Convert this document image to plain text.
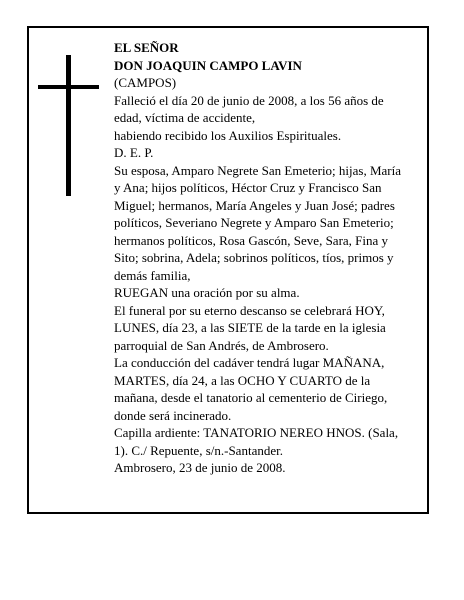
EL SEÑOR

DON JOAQUIN CAMPO LAVIN

(CAMPOS)

Falleció el día 20 de junio de 2008, a los 56 años de edad, víctima de accidente,

habiendo recibido los Auxilios Espirituales.

D. E. P.

Su esposa, Amparo Negrete San Emeterio; hijas, María y Ana; hijos políticos, Héctor Cruz y Francisco San Miguel; hermanos, María Angeles y Juan José; padres políticos, Severiano Negrete y Amparo San Emeterio; hermanos políticos, Rosa Gascón, Seve, Sara, Fina y Sito; sobrina, Adela; sobrinos políticos, tíos, primos y demás familia,

RUEGAN una oración por su alma.

El funeral por su eterno descanso se celebrará HOY, LUNES, día 23, a las SIETE de la tarde en la iglesia parroquial de San Andrés, de Ambrosero.

La conducción del cadáver tendrá lugar MAÑANA, MARTES, día 24, a las OCHO Y CUARTO de la mañana, desde el tanatorio al cementerio de Ciriego, donde será incinerado.

Capilla ardiente: TANATORIO NEREO HNOS. (Sala, 1). C./ Repuente, s/n.-Santander.

Ambrosero, 23 de junio de 2008.
